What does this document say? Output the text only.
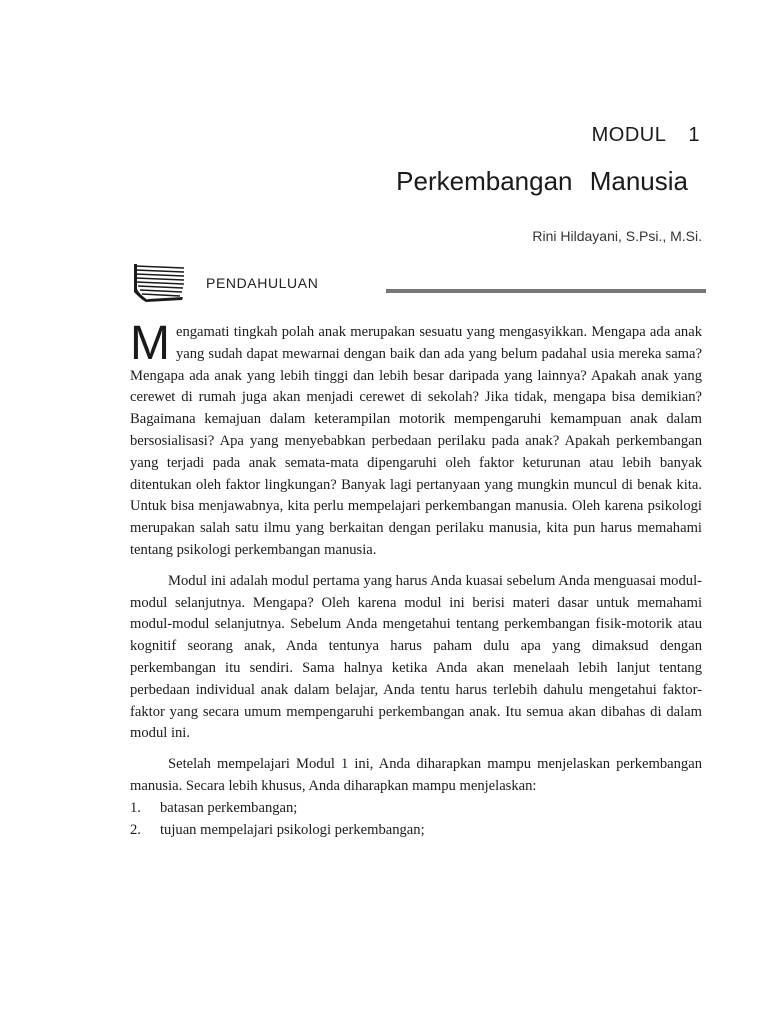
MODUL 1
Perkembangan Manusia
Rini Hildayani, S.Psi., M.Si.
PENDAHULUAN

Mengamati tingkah polah anak merupakan sesuatu yang mengasyikkan. Mengapa ada anak yang sudah dapat mewarnai dengan baik dan ada yang belum padahal usia mereka sama? Mengapa ada anak yang lebih tinggi dan lebih besar daripada yang lainnya? Apakah anak yang cerewet di rumah juga akan menjadi cerewet di sekolah? Jika tidak, mengapa bisa demikian? Bagaimana kemajuan dalam keterampilan motorik mempengaruhi kemampuan anak dalam bersosialisasi? Apa yang menyebabkan perbedaan perilaku pada anak? Apakah perkembangan yang terjadi pada anak semata-mata dipengaruhi oleh faktor keturunan atau lebih banyak ditentukan oleh faktor lingkungan? Banyak lagi pertanyaan yang mungkin muncul di benak kita. Untuk bisa menjawabnya, kita perlu mempelajari perkembangan manusia. Oleh karena psikologi merupakan salah satu ilmu yang berkaitan dengan perilaku manusia, kita pun harus memahami tentang psikologi perkembangan manusia.

Modul ini adalah modul pertama yang harus Anda kuasai sebelum Anda menguasai modul-modul selanjutnya. Mengapa? Oleh karena modul ini berisi materi dasar untuk memahami modul-modul selanjutnya. Sebelum Anda mengetahui tentang perkembangan fisik-motorik atau kognitif seorang anak, Anda tentunya harus paham dulu apa yang dimaksud dengan perkembangan itu sendiri. Sama halnya ketika Anda akan menelaah lebih lanjut tentang perbedaan individual anak dalam belajar, Anda tentu harus terlebih dahulu mengetahui faktor-faktor yang secara umum mempengaruhi perkembangan anak. Itu semua akan dibahas di dalam modul ini.

Setelah mempelajari Modul 1 ini, Anda diharapkan mampu menjelaskan perkembangan manusia. Secara lebih khusus, Anda diharapkan mampu menjelaskan:

1.	batasan perkembangan;
2.	tujuan mempelajari psikologi perkembangan;
